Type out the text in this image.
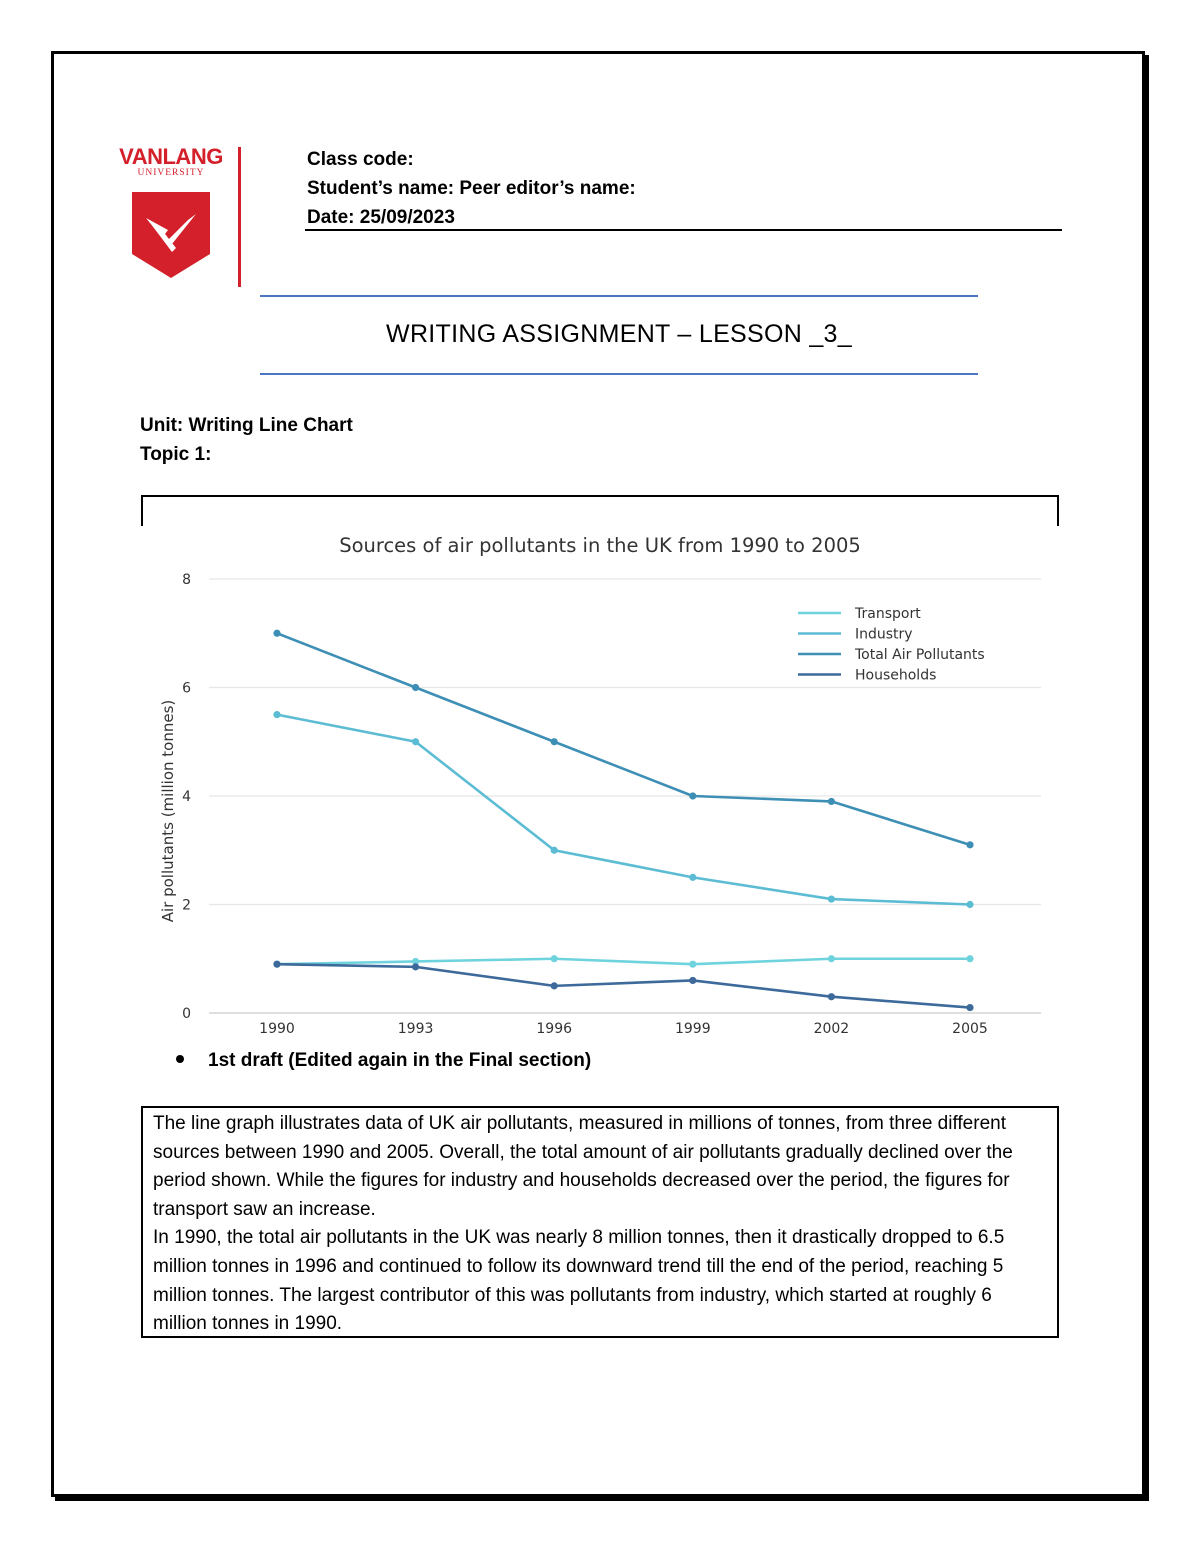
VANLANG
UNIVERSITY
Class code:
Student’s name: Peer editor’s name:
Date: 25/09/2023
WRITING ASSIGNMENT – LESSON _3_
Unit: Writing Line Chart
Topic 1:
Sources of air pollutants in the UK from 1990 to 2005
0
2
4
6
8
1990	1993	1996	1999	2002	2005
Air pollutants (million tonnes)
Transport
Industry
Total Air Pollutants
Households
1st draft (Edited again in the Final section)

The line graph illustrates data of UK air pollutants, measured in millions of tonnes, from three different sources between 1990 and 2005. Overall, the total amount of air pollutants gradually declined over the period shown. While the figures for industry and households decreased over the period, the figures for transport saw an increase.

In 1990, the total air pollutants in the UK was nearly 8 million tonnes, then it drastically dropped to 6.5 million tonnes in 1996 and continued to follow its downward trend till the end of the period, reaching 5 million tonnes. The largest contributor of this was pollutants from industry, which started at roughly 6 million tonnes in 1990.
